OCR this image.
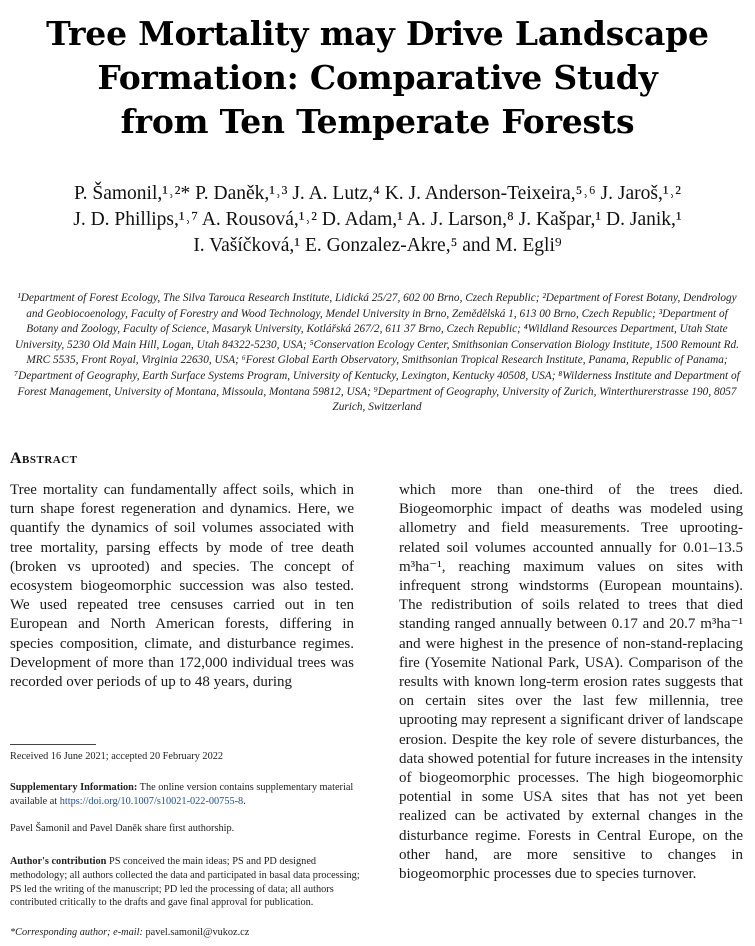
Tree Mortality may Drive Landscape
Formation: Comparative Study
from Ten Temperate Forests
P. Šamonil,¹˒²* P. Daněk,¹˒³ J. A. Lutz,⁴ K. J. Anderson-Teixeira,⁵˒⁶ J. Jaroš,¹˒²
J. D. Phillips,¹˒⁷ A. Rousová,¹˒² D. Adam,¹ A. J. Larson,⁸ J. Kašpar,¹ D. Janik,¹
I. Vašíčková,¹ E. Gonzalez-Akre,⁵ and M. Egli⁹
¹Department of Forest Ecology, The Silva Tarouca Research Institute, Lidická 25/27, 602 00 Brno, Czech Republic; ²Department of Forest Botany, Dendrology and Geobiocoenology, Faculty of Forestry and Wood Technology, Mendel University in Brno, Zemědělská 1, 613 00 Brno, Czech Republic; ³Department of Botany and Zoology, Faculty of Science, Masaryk University, Kotlářská 267/2, 611 37 Brno, Czech Republic; ⁴Wildland Resources Department, Utah State University, 5230 Old Main Hill, Logan, Utah 84322-5230, USA; ⁵Conservation Ecology Center, Smithsonian Conservation Biology Institute, 1500 Remount Rd. MRC 5535, Front Royal, Virginia 22630, USA; ⁶Forest Global Earth Observatory, Smithsonian Tropical Research Institute, Panama, Republic of Panama; ⁷Department of Geography, Earth Surface Systems Program, University of Kentucky, Lexington, Kentucky 40508, USA; ⁸Wilderness Institute and Department of Forest Management, University of Montana, Missoula, Montana 59812, USA; ⁹Department of Geography, University of Zurich, Winterthurerstrasse 190, 8057 Zurich, Switzerland
Abstract
Tree mortality can fundamentally affect soils, which in turn shape forest regeneration and dynamics. Here, we quantify the dynamics of soil volumes associated with tree mortality, parsing effects by mode of tree death (broken vs uprooted) and species. The concept of ecosystem biogeomorphic succession was also tested. We used repeated tree censuses carried out in ten European and North American forests, differing in species composition, climate, and disturbance regimes. Development of more than 172,000 individual trees was recorded over periods of up to 48 years, during
which more than one-third of the trees died. Biogeomorphic impact of deaths was modeled using allometry and field measurements. Tree uprooting-related soil volumes accounted annually for 0.01–13.5 m³ha⁻¹, reaching maximum values on sites with infrequent strong windstorms (European mountains). The redistribution of soils related to trees that died standing ranged annually between 0.17 and 20.7 m³ha⁻¹ and were highest in the presence of non-stand-replacing fire (Yosemite National Park, USA). Comparison of the results with known long-term erosion rates suggests that on certain sites over the last few millennia, tree uprooting may represent a significant driver of landscape erosion. Despite the key role of severe disturbances, the data showed potential for future increases in the intensity of biogeomorphic processes. The high biogeomorphic potential in some USA sites that has not yet been realized can be activated by external changes in the disturbance regime. Forests in Central Europe, on the other hand, are more sensitive to changes in biogeomorphic processes due to species turnover.
Received 16 June 2021; accepted 20 February 2022
Supplementary Information: The online version contains supplementary material available at https://doi.org/10.1007/s10021-022-00755-8.
Pavel Šamonil and Pavel Daněk share first authorship.
Author's contribution PS conceived the main ideas; PS and PD designed methodology; all authors collected the data and participated in basal data processing; PS led the writing of the manuscript; PD led the processing of data; all authors contributed critically to the drafts and gave final approval for publication.
*Corresponding author; e-mail: pavel.samonil@vukoz.cz
